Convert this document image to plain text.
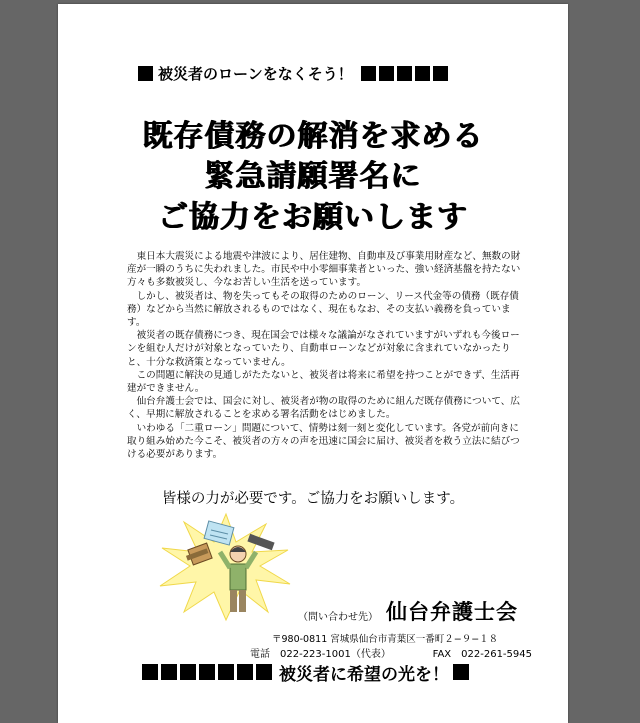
被災者のローンをなくそう！
既存債務の解消を求める
緊急請願署名に
ご協力をお願いします

東日本大震災による地震や津波により、居住建物、自動車及び事業用財産など、無数の財産が一瞬のうちに失われました。市民や中小零細事業者といった、強い経済基盤を持たない方々も多数被災し、今なお苦しい生活を送っています。

しかし、被災者は、物を失ってもその取得のためのローン、リース代金等の債務（既存債務）などから当然に解放されるものではなく、現在もなお、その支払い義務を負っています。

被災者の既存債務につき、現在国会では様々な議論がなされていますがいずれも今後ローンを組む人だけが対象となっていたり、自動車ローンなどが対象に含まれていなかったりと、十分な救済策となっていません。

この問題に解決の見通しがたたないと、被災者は将来に希望を持つことができず、生活再建ができません。

仙台弁護士会では、国会に対し、被災者が物の取得のために組んだ既存債務について、広く、早期に解放されることを求める署名活動をはじめました。

いわゆる「二重ローン」問題について、情勢は刻一刻と変化しています。各党が前向きに取り組み始めた今こそ、被災者の方々の声を迅速に国会に届け、被災者を救う立法に結びつける必要があります。

皆様の力が必要です。ご協力をお願いします。
（問い合わせ先） 仙台弁護士会
〒980-0811 宮城県仙台市青葉区一番町２−９−１８
電話　022-223-1001（代表）	FAX　022-261-5945
被災者に希望の光を！
